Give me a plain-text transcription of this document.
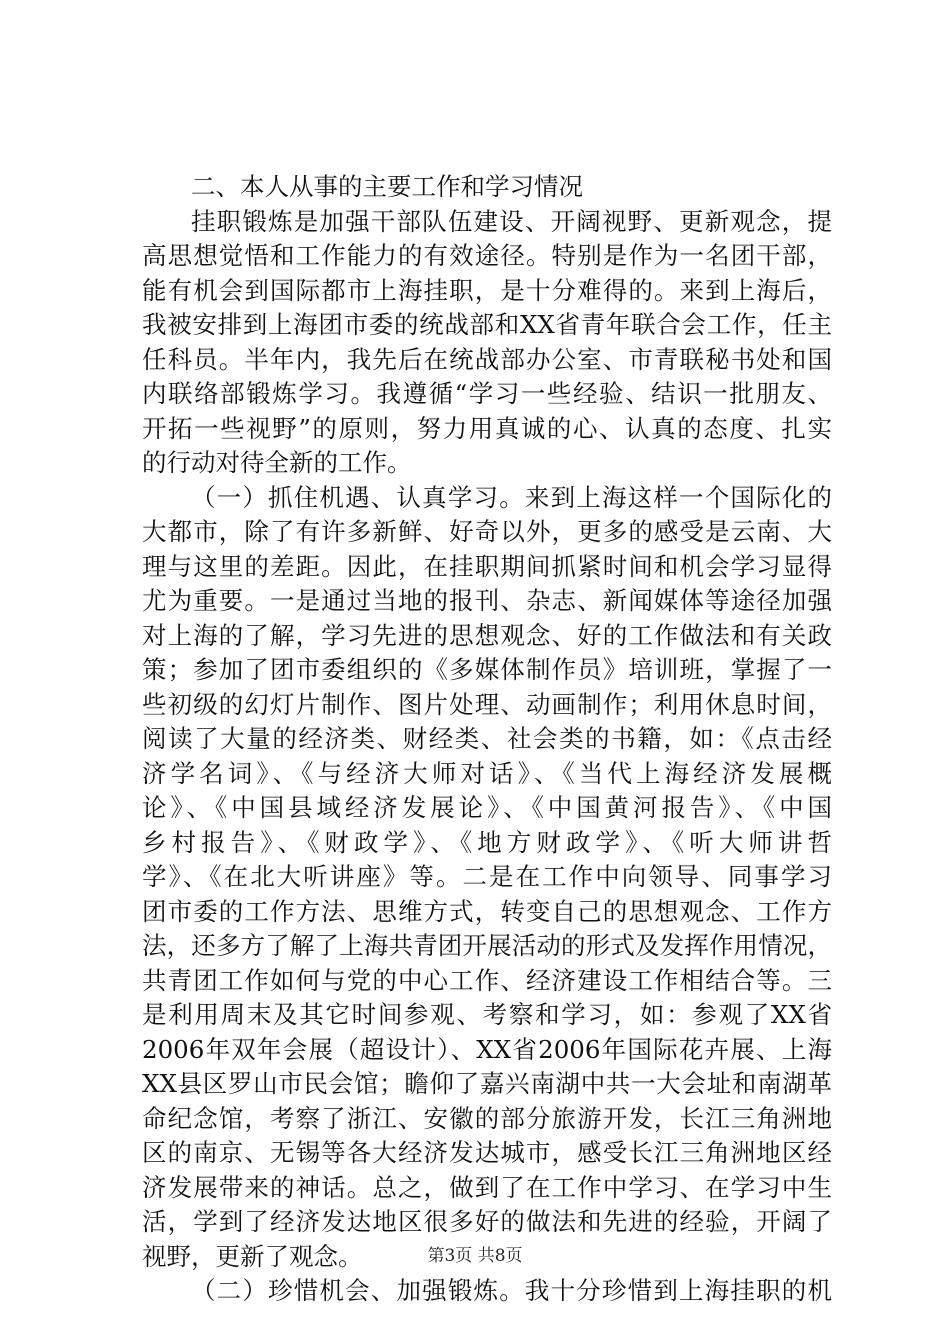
二、本人从事的主要工作和学习情况
挂职锻炼是加强干部队伍建设、开阔视野、更新观念，提
高思想觉悟和工作能力的有效途径。特别是作为一名团干部，
能有机会到国际都市上海挂职，是十分难得的。来到上海后，
我被安排到上海团市委的统战部和XX省青年联合会工作，任主
任科员。半年内，我先后在统战部办公室、市青联秘书处和国
内联络部锻炼学习。我遵循“学习一些经验、结识一批朋友、
开拓一些视野”的原则，努力用真诚的心、认真的态度、扎实
的行动对待全新的工作。
（一）抓住机遇、认真学习。来到上海这样一个国际化的
大都市，除了有许多新鲜、好奇以外，更多的感受是云南、大
理与这里的差距。因此，在挂职期间抓紧时间和机会学习显得
尤为重要。一是通过当地的报刊、杂志、新闻媒体等途径加强
对上海的了解，学习先进的思想观念、好的工作做法和有关政
策；参加了团市委组织的《多媒体制作员》培训班，掌握了一
些初级的幻灯片制作、图片处理、动画制作；利用休息时间，
阅读了大量的经济类、财经类、社会类的书籍，如：《点击经
济学名词》、《与经济大师对话》、《当代上海经济发展概
论》、《中国县域经济发展论》、《中国黄河报告》、《中国
乡村报告》、《财政学》、《地方财政学》、《听大师讲哲
学》、《在北大听讲座》等。二是在工作中向领导、同事学习
团市委的工作方法、思维方式，转变自己的思想观念、工作方
法，还多方了解了上海共青团开展活动的形式及发挥作用情况，
共青团工作如何与党的中心工作、经济建设工作相结合等。三
是利用周末及其它时间参观、考察和学习，如：参观了XX省
2006年双年会展（超设计）、XX省2006年国际花卉展、上海
XX县区罗山市民会馆；瞻仰了嘉兴南湖中共一大会址和南湖革
命纪念馆，考察了浙江、安徽的部分旅游开发，长江三角洲地
区的南京、无锡等各大经济发达城市，感受长江三角洲地区经
济发展带来的神话。总之，做到了在工作中学习、在学习中生
活，学到了经济发达地区很多好的做法和先进的经验，开阔了
视野，更新了观念。
（二）珍惜机会、加强锻炼。我十分珍惜到上海挂职的机
第3页 共8页
